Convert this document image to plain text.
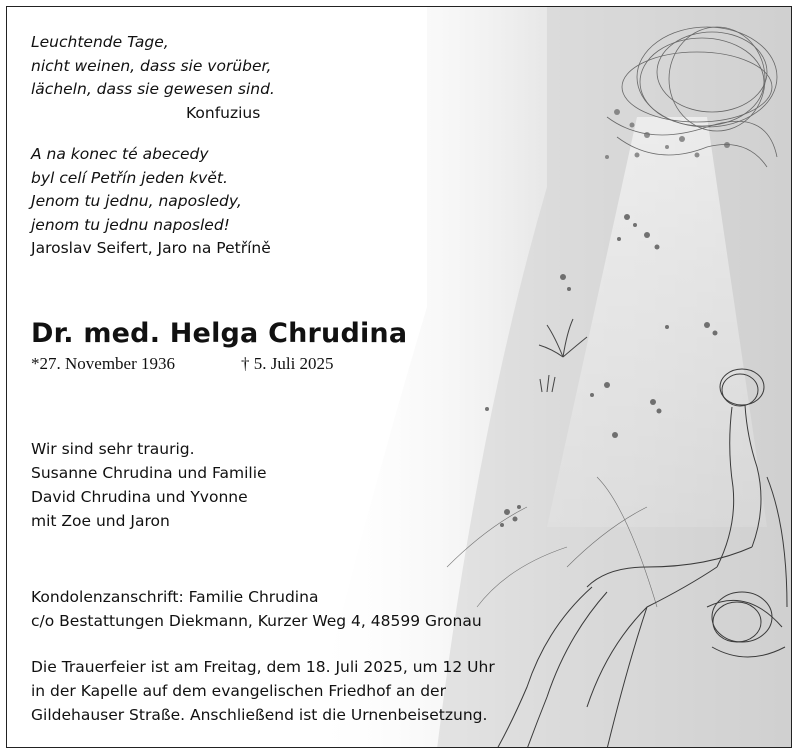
Leuchtende Tage,
nicht weinen, dass sie vorüber,
lächeln, dass sie gewesen sind.
Konfuzius
A na konec té abecedy
byl celí Petřín jeden květ.
Jenom tu jednu, naposledy,
jenom tu jednu naposled!
Jaroslav Seifert, Jaro na Petříně
Dr. med. Helga Chrudina
*27. November 1936	† 5. Juli 2025
Wir sind sehr traurig.
Susanne Chrudina und Familie
David Chrudina und Yvonne
mit Zoe und Jaron
Kondolenzanschrift: Familie Chrudina
c/o Bestattungen Diekmann, Kurzer Weg 4, 48599 Gronau
Die Trauerfeier ist am Freitag, dem 18. Juli 2025, um 12 Uhr
in der Kapelle auf dem evangelischen Friedhof an der
Gildehauser Straße. Anschließend ist die Urnenbeisetzung.
